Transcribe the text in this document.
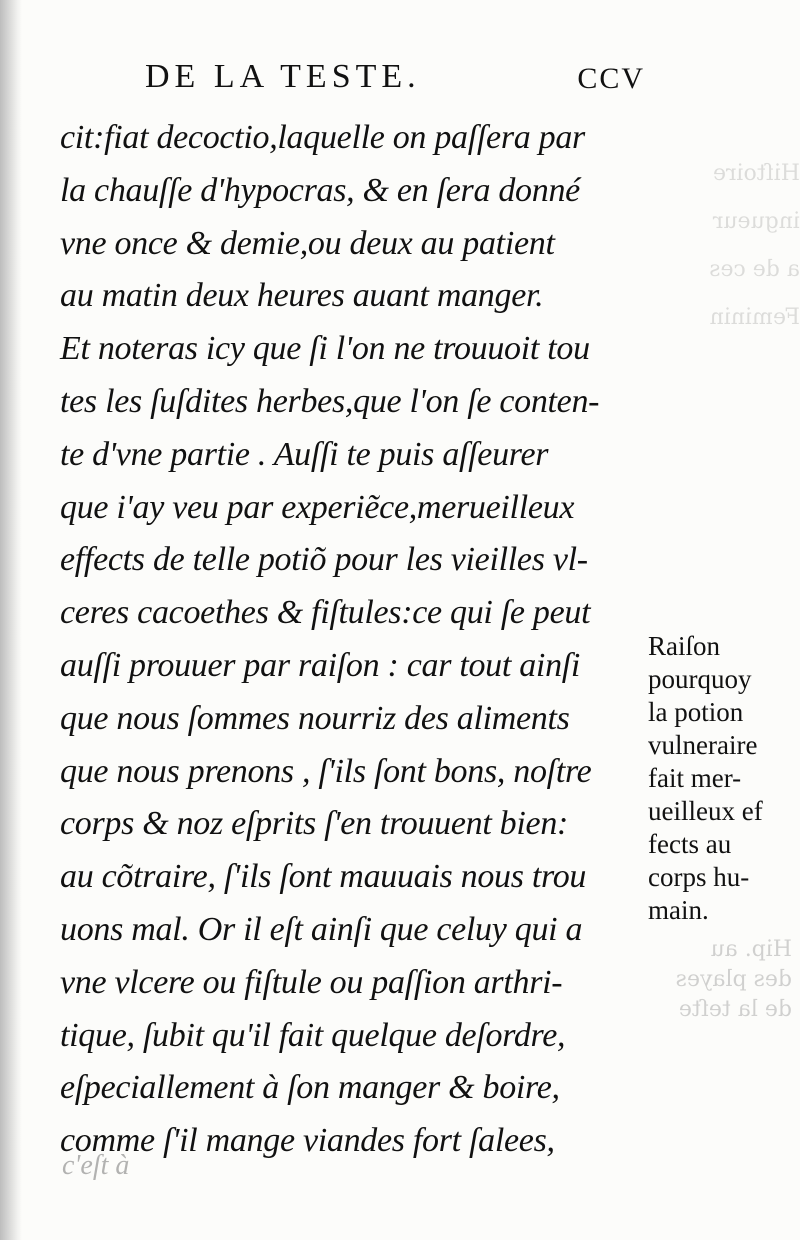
Hiſtoire
ingueur
a de ces
Feminin
Hip. au
des playes
de la teſte
DE LA TESTE.	CCV
cit:fiat decoctio,laquelle on paſſera par
la chauſſe d'hypocras, & en ſera donné
vne once & demie,ou deux au patient
au matin deux heures auant manger.
Et noteras icy que ſi l'on ne trouuoit tou
tes les ſuſdites herbes,que l'on ſe conten-
te d'vne partie . Auſſi te puis aſſeurer
que i'ay veu par experiẽce,merueilleux
effects de telle potiõ pour les vieilles vl-
ceres cacoethes & fiſtules:ce qui ſe peut
auſſi prouuer par raiſon : car tout ainſi
que nous ſommes nourriz des aliments
que nous prenons , ſ'ils ſont bons, noſtre
corps & noz eſprits ſ'en trouuent bien:
au cõtraire, ſ'ils ſont mauuais nous trou
uons mal. Or il eſt ainſi que celuy qui a
vne vlcere ou fiſtule ou paſſion arthri-
tique, ſubit qu'il fait quelque deſordre,
eſpeciallement à ſon manger & boire,
comme ſ'il mange viandes fort ſalees,
Raiſon
pourquoy
la potion
vulneraire
fait mer-
ueilleux ef
fects au
corps hu-
main.
c'eſt à
